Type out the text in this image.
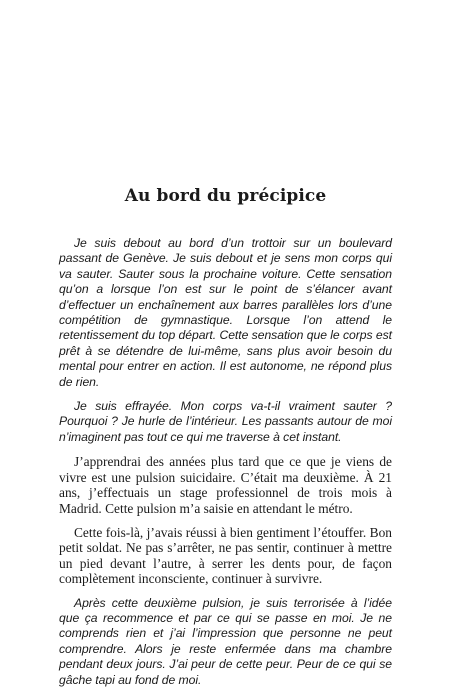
Au bord du précipice

Je suis debout au bord d’un trottoir sur un boulevard passant de Genève. Je suis debout et je sens mon corps qui va sauter. Sauter sous la prochaine voiture. Cette sensation qu’on a lorsque l’on est sur le point de s’élancer avant d’effectuer un enchaînement aux barres parallèles lors d’une compétition de gymnastique. Lorsque l’on attend le retentissement du top départ. Cette sensation que le corps est prêt à se détendre de lui-même, sans plus avoir besoin du mental pour entrer en action. Il est autonome, ne répond plus de rien.

Je suis effrayée. Mon corps va-t-il vraiment sauter ? Pourquoi ? Je hurle de l’intérieur. Les passants autour de moi n’imaginent pas tout ce qui me traverse à cet instant.

J’apprendrai des années plus tard que ce que je viens de vivre est une pulsion suicidaire. C’était ma deuxième. À 21 ans, j’effectuais un stage professionnel de trois mois à Madrid. Cette pulsion m’a saisie en attendant le métro.

Cette fois-là, j’avais réussi à bien gentiment l’étouffer. Bon petit soldat. Ne pas s’arrêter, ne pas sentir, continuer à mettre un pied devant l’autre, à serrer les dents pour, de façon complètement inconsciente, continuer à survivre.

Après cette deuxième pulsion, je suis terrorisée à l’idée que ça recommence et par ce qui se passe en moi. Je ne comprends rien et j’ai l’impression que personne ne peut comprendre. Alors je reste enfermée dans ma chambre pendant deux jours. J’ai peur de cette peur. Peur de ce qui se gâche tapi au fond de moi.
